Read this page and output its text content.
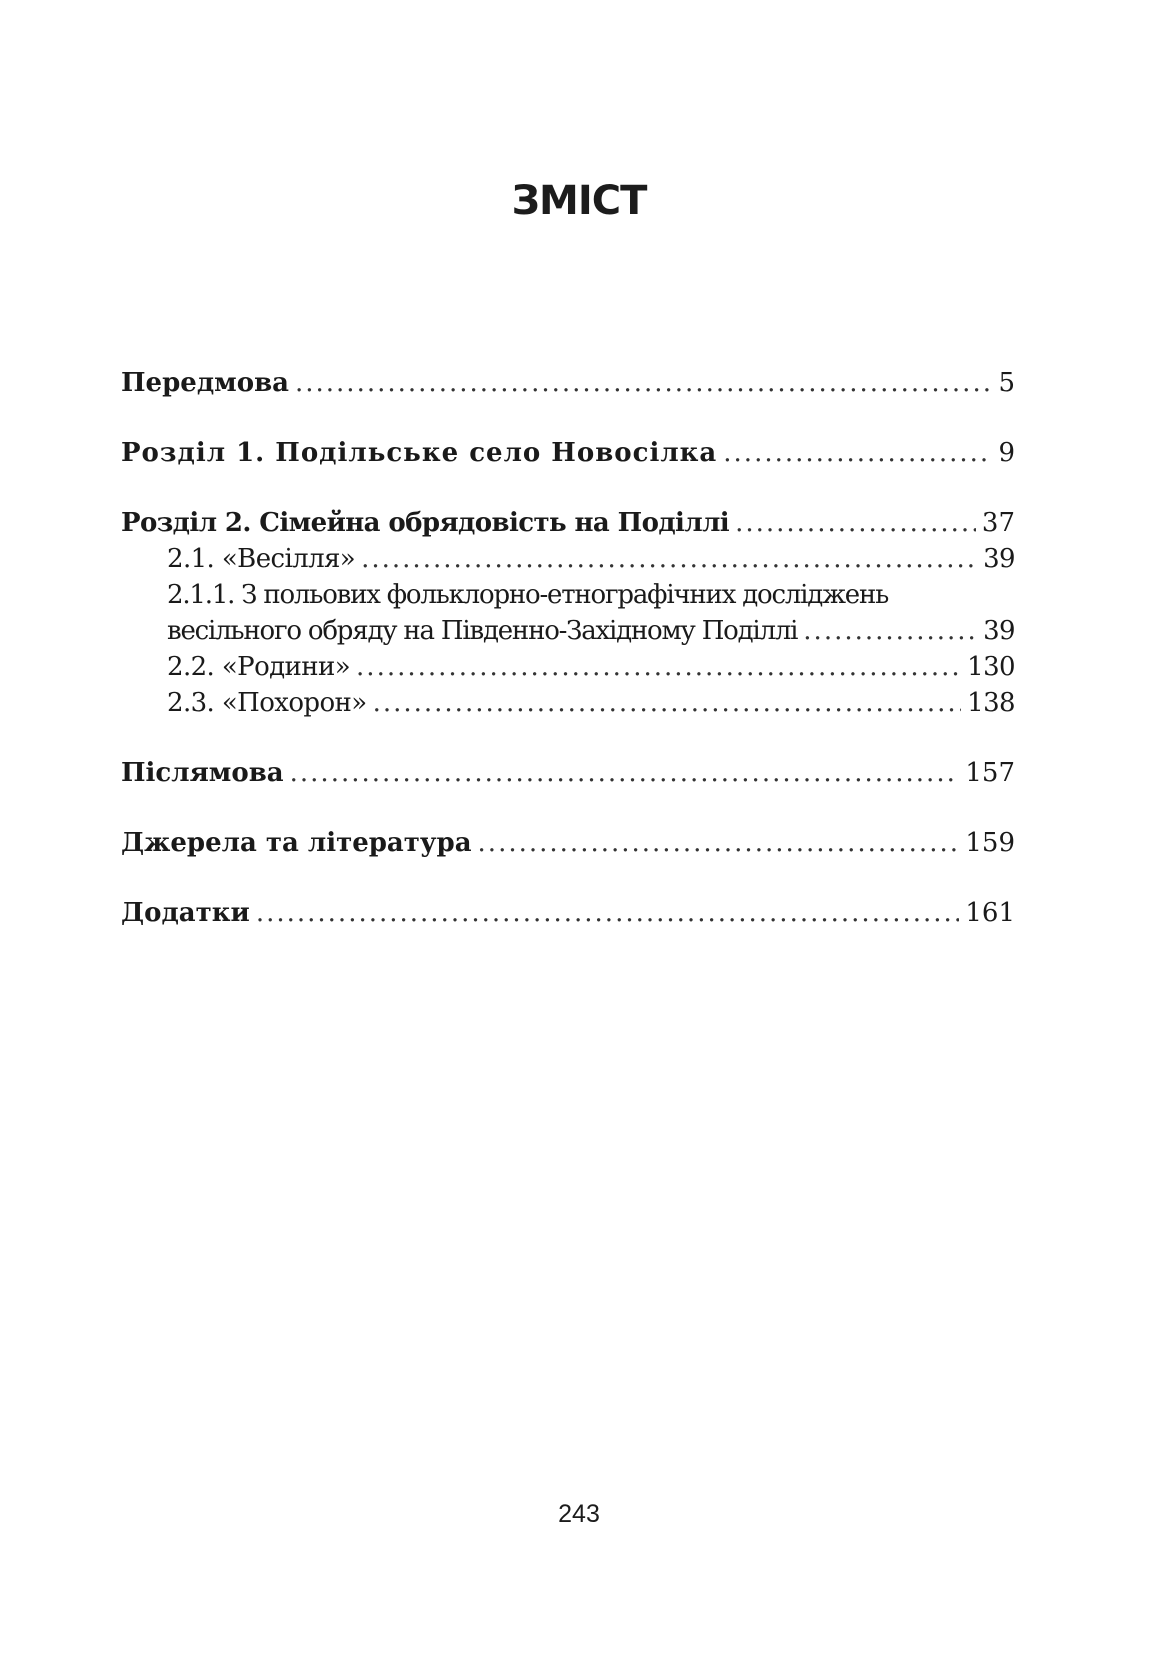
ЗМІСТ
Передмова .....	5
Розділ 1. Подільське село Новосілка .....	9
Розділ 2. Сімейна обрядовість на Поділлі .....	37
2.1. «Весілля» .....	39
2.1.1. З польових фольклорно-етнографічних досліджень
весільного обряду на Південно-Західному Поділлі .....	39
2.2. «Родини» .....	130
2.3. «Похорон» .....	138
Післямова .....	157
Джерела та література .....	159
Додатки .....	161
243
